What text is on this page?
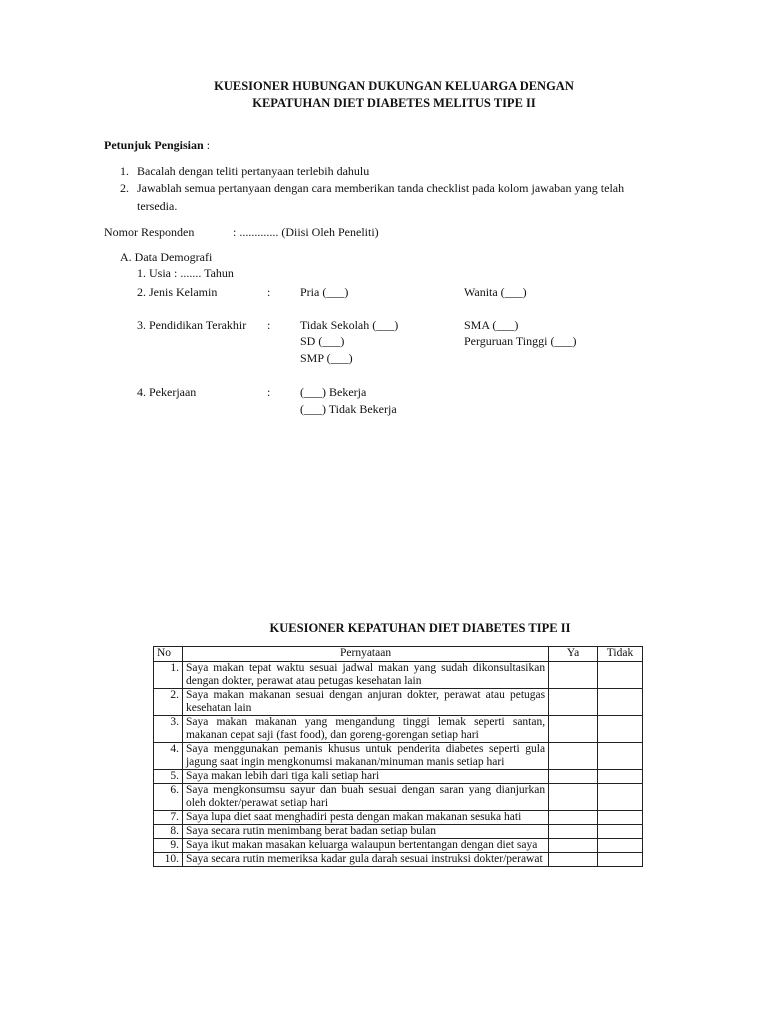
KUESIONER HUBUNGAN DUKUNGAN KELUARGA DENGAN
KEPATUHAN DIET DIABETES MELITUS TIPE II
Petunjuk Pengisian :
1. Bacalah dengan teliti pertanyaan terlebih dahulu
2. Jawablah semua pertanyaan dengan cara memberikan tanda checklist pada kolom jawaban yang telah
tersedia.
Nomor Responden	: ............. (Diisi Oleh Peneliti)
A. Data Demografi
1. Usia : ....... Tahun
2. Jenis Kelamin	: Pria (___)	Wanita (___)
3. Pendidikan Terakhir : Tidak Sekolah (___)
SD (___)
SMP (___)
SMA (___)
Perguruan Tinggi (___)
4. Pekerjaan	: (___) Bekerja
(___) Tidak Bekerja
KUESIONER KEPATUHAN DIET DIABETES TIPE II
No	Pernyataan	Ya	Tidak
1.	Saya makan tepat waktu sesuai jadwal makan yang sudah dikonsultasikan dengan dokter, perawat atau petugas kesehatan lain		
2.	Saya makan makanan sesuai dengan anjuran dokter, perawat atau petugas kesehatan lain		
3.	Saya makan makanan yang mengandung tinggi lemak seperti santan, makanan cepat saji (fast food), dan goreng-gorengan setiap hari		
4.	Saya menggunakan pemanis khusus untuk penderita diabetes seperti gula jagung saat ingin mengkonumsi makanan/minuman manis setiap hari		
5.	Saya makan lebih dari tiga kali setiap hari		
6.	Saya mengkonsumsu sayur dan buah sesuai dengan saran yang dianjurkan oleh dokter/perawat setiap hari		
7.	Saya lupa diet saat menghadiri pesta dengan makan makanan sesuka hati		
8.	Saya secara rutin menimbang berat badan setiap bulan		
9.	Saya ikut makan masakan keluarga walaupun bertentangan dengan diet saya		
10.	Saya secara rutin memeriksa kadar gula darah sesuai instruksi dokter/perawat		
